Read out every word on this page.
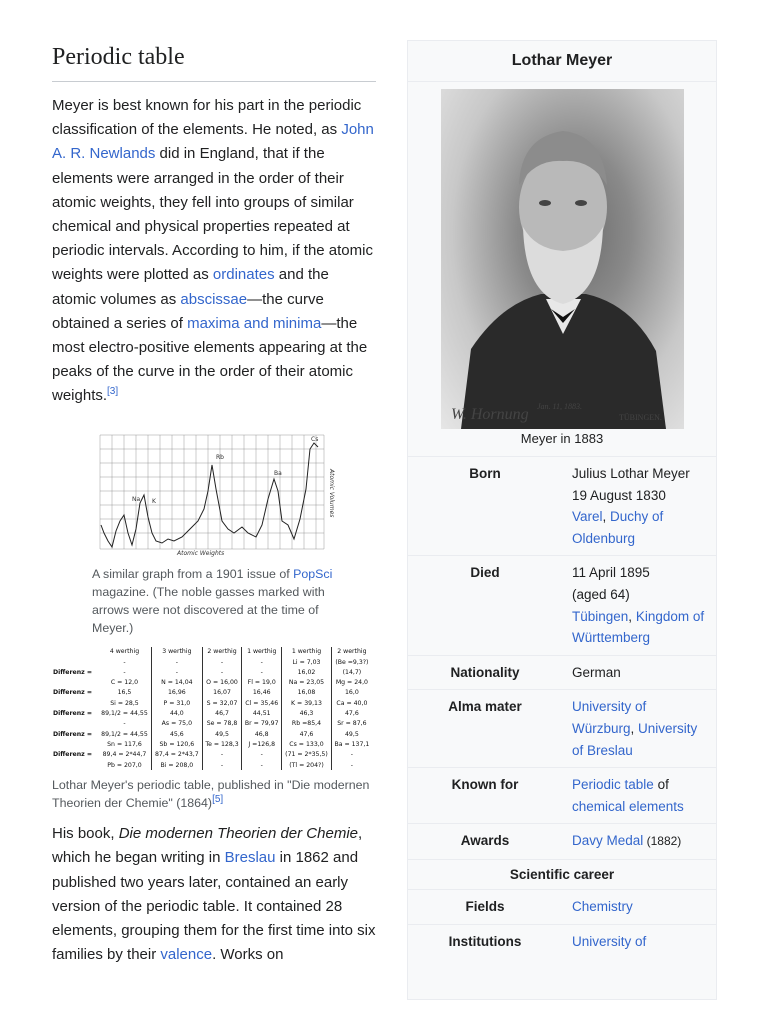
Periodic table

Meyer is best known for his part in the periodic classification of the elements. He noted, as John A. R. Newlands did in England, that if the elements were arranged in the order of their atomic weights, they fell into groups of similar chemical and physical properties repeated at periodic intervals. According to him, if the atomic weights were plotted as ordinates and the atomic volumes as abscissae—the curve obtained a series of maxima and minima—the most electro-positive elements appearing at the peaks of the curve in the order of their atomic weights.[3]

Rb
Cs
K
Na
Ba
Atomic Weights
Atomic Volumes
A similar graph from a 1901 issue of PopSci magazine. (The noble gasses marked with arrows were not discovered at the time of Meyer.)
	4 werthig	3 werthig	2 werthig	1 werthig	1 werthig	2 werthig
	-	-	-	-	Li = 7,03	(Be =9,3?)
Differenz =	-	-	-	-	16,02	(14,7)
	C = 12,0	N = 14,04	O = 16,00	Fl = 19,0	Na = 23,05	Mg = 24,0
Differenz =	16,5	16,96	16,07	16,46	16,08	16,0
	Si = 28,5	P = 31,0	S = 32,07	Cl = 35,46	K = 39,13	Ca = 40,0
Differenz =	89,1/2 = 44,55	44,0	46,7	44,51	46,3	47,6
	-	As = 75,0	Se = 78,8	Br = 79,97	Rb =85,4	Sr = 87,6
Differenz =	89,1/2 = 44,55	45,6	49,5	46,8	47,6	49,5
	Sn = 117,6	Sb = 120,6	Te = 128,3	J =126,8	Cs = 133,0	Ba = 137,1
Differenz =	89,4 = 2*44,7	87,4 = 2*43,7	-	-	(71 = 2*35,5)	-
	Pb = 207,0	Bi = 208,0	-	-	(Tl = 204?)	-
Lothar Meyer's periodic table, published in "Die modernen Theorien der Chemie" (1864)[5]

His book, Die modernen Theorien der Chemie, which he began writing in Breslau in 1862 and published two years later, contained an early version of the periodic table. It contained 28 elements, grouping them for the first time into six families by their valence. Works on

Lothar Meyer
W. Hornung Jan. 11, 1883.
TÜBINGEN.
Meyer in 1883
Born	Julius Lothar Meyer
19 August 1830
Varel, Duchy of Oldenburg
Died	11 April 1895
(aged 64)
Tübingen, Kingdom of Württemberg
Nationality	German
Alma mater	University of Würzburg, University of Breslau
Known for	Periodic table of chemical elements
Awards	Davy Medal (1882)
Scientific career
Fields	Chemistry
Institutions	University of
